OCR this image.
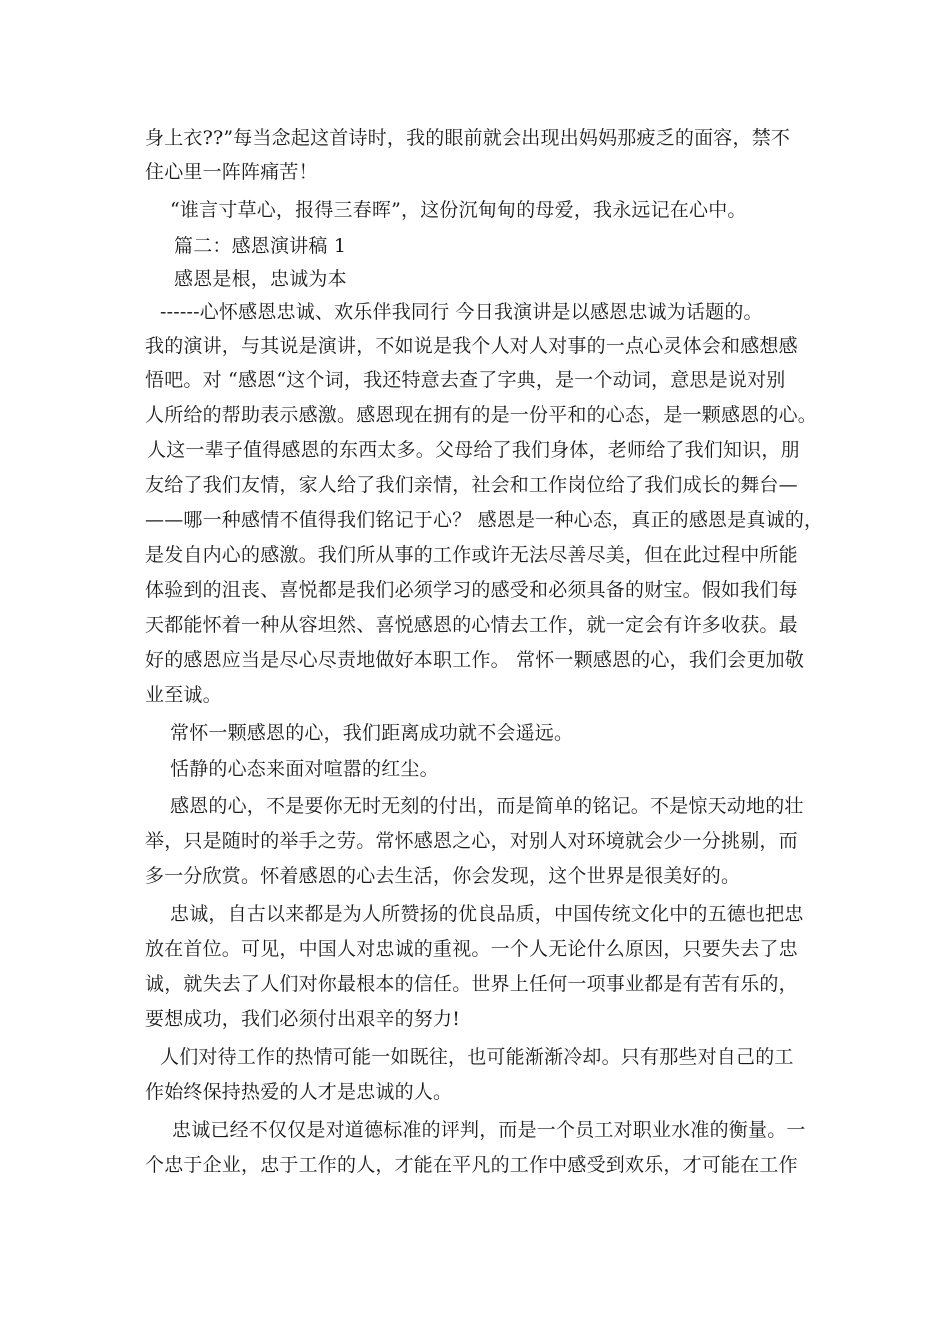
身上衣??”每当念起这首诗时，我的眼前就会出现出妈妈那疲乏的面容，禁不
住心里一阵阵痛苦！
“谁言寸草心，报得三春晖”，这份沉甸甸的母爱，我永远记在心中。
篇二：感恩演讲稿 1
感恩是根，忠诚为本
------心怀感恩忠诚、欢乐伴我同行 今日我演讲是以感恩忠诚为话题的。
我的演讲，与其说是演讲，不如说是我个人对人对事的一点心灵体会和感想感
悟吧。对 “感恩“这个词，我还特意去查了字典，是一个动词，意思是说对别
人所给的帮助表示感激。感恩现在拥有的是一份平和的心态，是一颗感恩的心。
人这一辈子值得感恩的东西太多。父母给了我们身体，老师给了我们知识，朋
友给了我们友情，家人给了我们亲情，社会和工作岗位给了我们成长的舞台—
——哪一种感情不值得我们铭记于心？ 感恩是一种心态，真正的感恩是真诚的，
是发自内心的感激。我们所从事的工作或许无法尽善尽美，但在此过程中所能
体验到的沮丧、喜悦都是我们必须学习的感受和必须具备的财宝。假如我们每
天都能怀着一种从容坦然、喜悦感恩的心情去工作，就一定会有许多收获。最
好的感恩应当是尽心尽责地做好本职工作。 常怀一颗感恩的心，我们会更加敬
业至诚。
常怀一颗感恩的心，我们距离成功就不会遥远。
恬静的心态来面对喧嚣的红尘。
感恩的心，不是要你无时无刻的付出，而是简单的铭记。不是惊天动地的壮
举，只是随时的举手之劳。常怀感恩之心，对别人对环境就会少一分挑剔，而
多一分欣赏。怀着感恩的心去生活，你会发现，这个世界是很美好的。
忠诚，自古以来都是为人所赞扬的优良品质，中国传统文化中的五德也把忠
放在首位。可见，中国人对忠诚的重视。一个人无论什么原因，只要失去了忠
诚，就失去了人们对你最根本的信任。世界上任何一项事业都是有苦有乐的，
要想成功，我们必须付出艰辛的努力!
人们对待工作的热情可能一如既往，也可能渐渐冷却。只有那些对自己的工
作始终保持热爱的人才是忠诚的人。
忠诚已经不仅仅是对道德标准的评判，而是一个员工对职业水准的衡量。一
个忠于企业，忠于工作的人，才能在平凡的工作中感受到欢乐，才可能在工作
